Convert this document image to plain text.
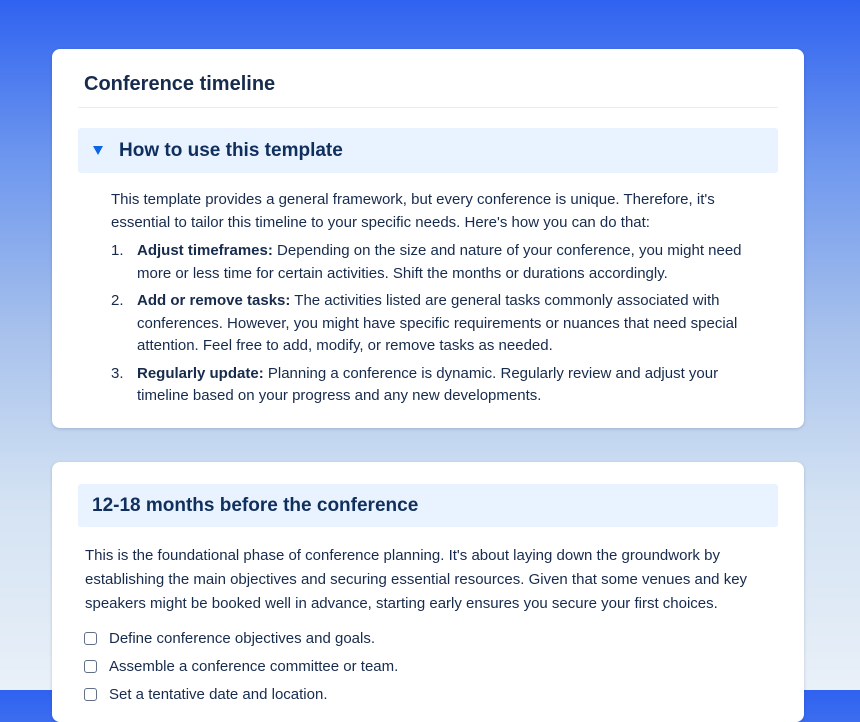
Conference timeline
How to use this template
This template provides a general framework, but every conference is unique. Therefore, it's essential to tailor this timeline to your specific needs. Here's how you can do that:
1. Adjust timeframes: Depending on the size and nature of your conference, you might need more or less time for certain activities. Shift the months or durations accordingly.
2. Add or remove tasks: The activities listed are general tasks commonly associated with conferences. However, you might have specific requirements or nuances that need special attention. Feel free to add, modify, or remove tasks as needed.
3. Regularly update: Planning a conference is dynamic. Regularly review and adjust your timeline based on your progress and any new developments.
12-18 months before the conference
This is the foundational phase of conference planning. It's about laying down the groundwork by establishing the main objectives and securing essential resources. Given that some venues and key speakers might be booked well in advance, starting early ensures you secure your first choices.
Define conference objectives and goals.
Assemble a conference committee or team.
Set a tentative date and location.
